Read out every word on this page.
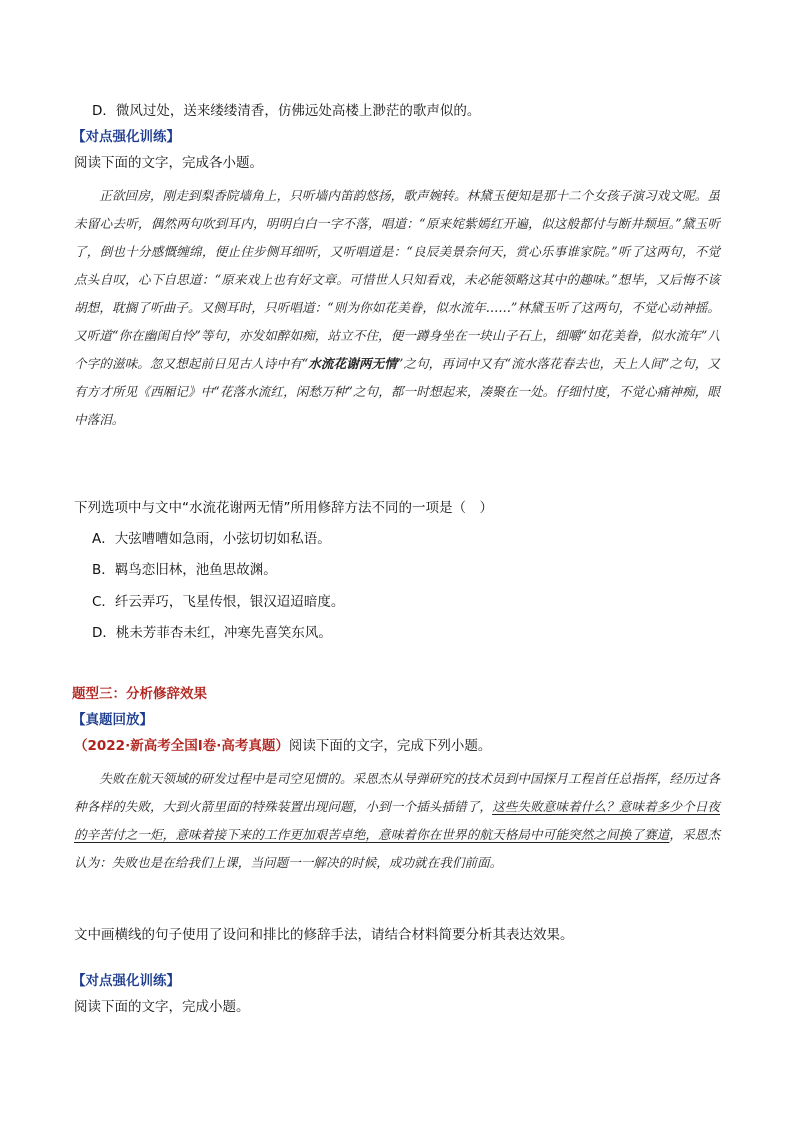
D．微风过处，送来缕缕清香，仿佛远处高楼上渺茫的歌声似的。
【对点强化训练】
阅读下面的文字，完成各小题。
正欲回房，刚走到梨香院墙角上，只听墙内笛韵悠扬，歌声婉转。林黛玉便知是那十二个女孩子演习戏文呢。虽未留心去听，偶然两句吹到耳内，明明白白一字不落，唱道：“原来姹紫嫣红开遍，似这般都付与断井颓垣。”黛玉听了，倒也十分感慨缠绵，便止住步侧耳细听，又听唱道是：“良辰美景奈何天，赏心乐事谁家院。”听了这两句，不觉点头自叹，心下自思道：“原来戏上也有好文章。可惜世人只知看戏，未必能领略这其中的趣味。”想毕，又后悔不该胡想，耽搁了听曲子。又侧耳时，只听唱道：“则为你如花美眷，似水流年……”林黛玉听了这两句，不觉心动神摇。又听道“你在幽闺自怜”等句，亦发如醉如痴，站立不住，便一蹲身坐在一块山子石上，细嚼“如花美眷，似水流年”八个字的滋味。忽又想起前日见古人诗中有“水流花谢两无情”之句，再词中又有“流水落花春去也，天上人间”之句，又有方才所见《西厢记》中“花落水流红，闲愁万种”之句，都一时想起来，凑聚在一处。仔细忖度，不觉心痛神痴，眼中落泪。
下列选项中与文中“水流花谢两无情”所用修辞方法不同的一项是（　）
A．大弦嘈嘈如急雨，小弦切切如私语。
B．羁鸟恋旧林，池鱼思故渊。
C．纤云弄巧，飞星传恨，银汉迢迢暗度。
D．桃未芳菲杏未红，冲寒先喜笑东风。
题型三：分析修辞效果
【真题回放】
（2022·新高考全国Ⅰ卷·高考真题）阅读下面的文字，完成下列小题。
失败在航天领域的研发过程中是司空见惯的。采恩杰从导弹研究的技术员到中国探月工程首任总指挥，经历过各种各样的失败，大到火箭里面的特殊装置出现问题，小到一个插头插错了，这些失败意味着什么？意味着多少个日夜的辛苦付之一炬，意味着接下来的工作更加艰苦卓绝，意味着你在世界的航天格局中可能突然之间换了赛道，采恩杰认为：失败也是在给我们上课，当问题一一解决的时候，成功就在我们前面。
文中画横线的句子使用了设问和排比的修辞手法，请结合材料简要分析其表达效果。
【对点强化训练】
阅读下面的文字，完成小题。
